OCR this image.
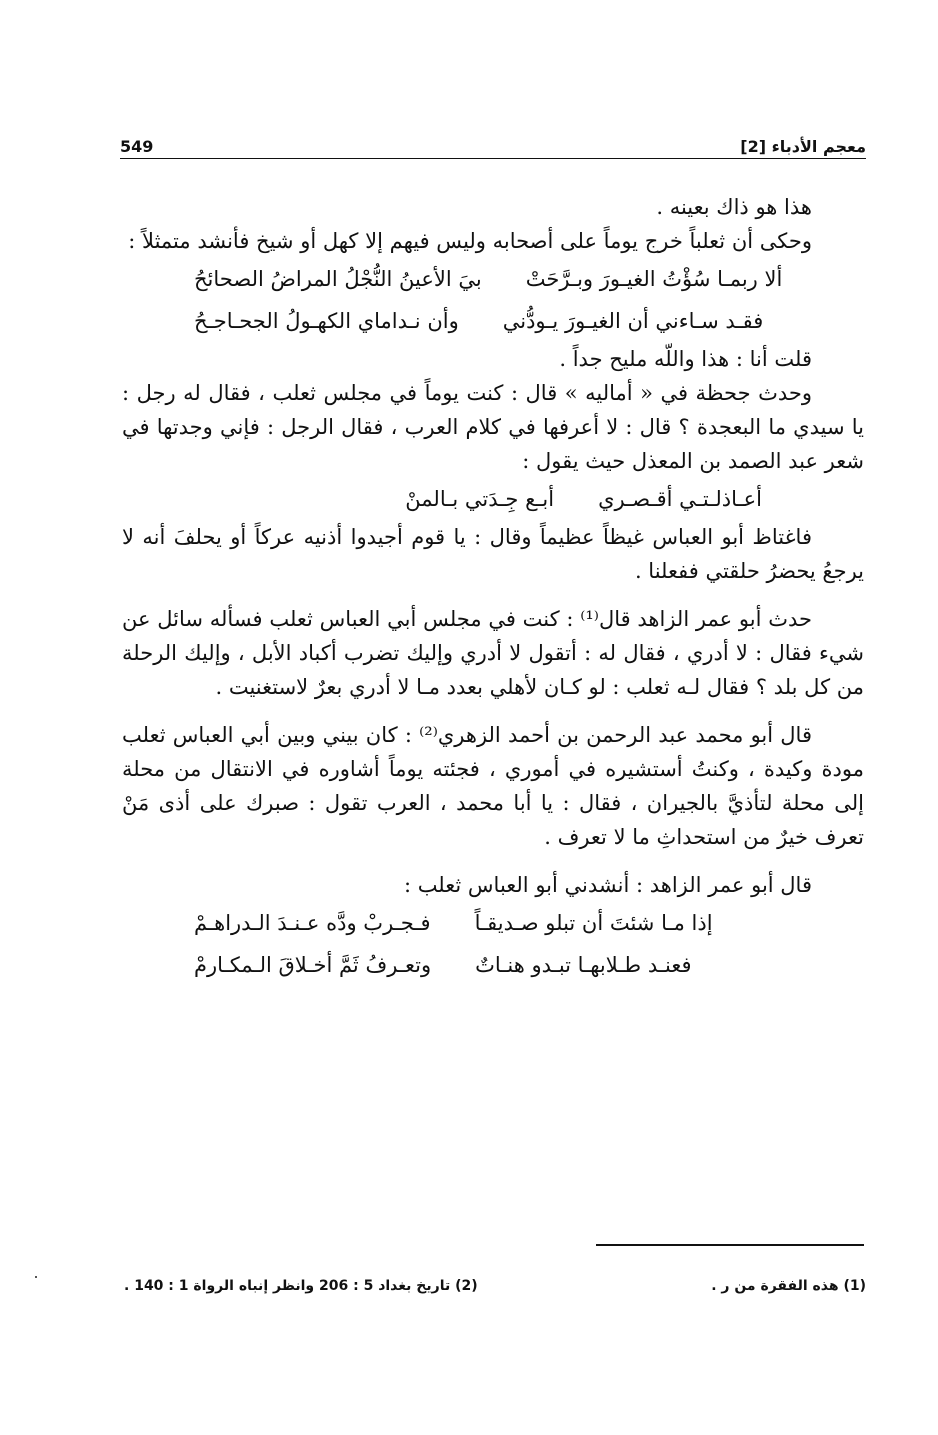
معجم الأدباء [2]
549

هذا هو ذاك بعينه .

وحكى أن ثعلباً خرج يوماً على أصحابه وليس فيهم إلا كهل أو شيخ فأنشد متمثلاً :

ألا ربمـا سُؤْتُ الغيـورَ وبـرَّحَتْ
بيَ الأعينُ النُّجْلُ المراضُ الصحائحُ
فقـد سـاءني أن الغيـورَ يـودُّني
وأن نـداماي الكهـولُ الجحـاجـحُ

قلت أنا : هذا واللّه مليح جداً .

وحدث جحظة في « أماليه » قال : كنت يوماً في مجلس ثعلب ، فقال له رجل : يا سيدي ما البعجدة ؟ قال : لا أعرفها في كلام العرب ، فقال الرجل : فإني وجدتها في شعر عبد الصمد بن المعذل حيث يقول :

أعـاذلـتـي أقـصـري
أبـع جِـدَتي بـالمنْ

فاغتاظ أبو العباس غيظاً عظيماً وقال : يا قوم أجيدوا أذنيه عركاً أو يحلفَ أنه لا يرجعُ يحضرُ حلقتي ففعلنا .

حدث أبو عمر الزاهد قال⁽¹⁾ : كنت في مجلس أبي العباس ثعلب فسأله سائل عن شيء فقال : لا أدري ، فقال له : أتقول لا أدري وإليك تضرب أكباد الأبل ، وإليك الرحلة من كل بلد ؟ فقال لـه ثعلب : لو كـان لأهلي بعدد مـا لا أدري بعرٌ لاستغنيت .

قال أبو محمد عبد الرحمن بن أحمد الزهري⁽²⁾ : كان بيني وبين أبي العباس ثعلب مودة وكيدة ، وكنتُ أستشيره في أموري ، فجئته يوماً أشاوره في الانتقال من محلة إلى محلة لتأذيَّ بالجيران ، فقال : يا أبا محمد ، العرب تقول : صبرك على أذى مَنْ تعرف خيرٌ من استحداثِ ما لا تعرف .

قال أبو عمر الزاهد : أنشدني أبو العباس ثعلب :

إذا مـا شئتَ أن تبلو صـديقـاً
فـجـربْ ودَّه عـنـدَ الـدراهـمْ
فعنـد طـلابهـا تبـدو هنـاتٌ
وتعـرفُ ثَمَّ أخـلاقَ الـمكـارمْ
(1) هذه الفقرة من ر .
(2) تاريخ بغداد 5 : 206 وانظر إنباه الرواة 1 : 140 .
